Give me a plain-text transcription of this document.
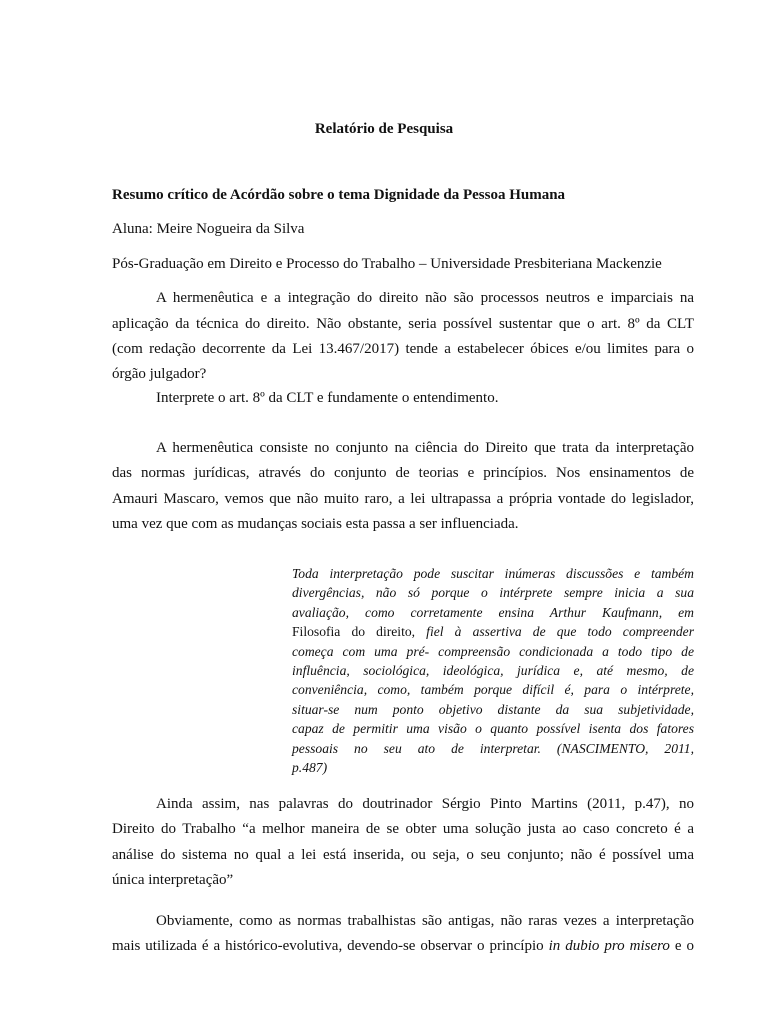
Relatório de Pesquisa
Resumo crítico de Acórdão sobre o tema Dignidade da Pessoa Humana
Aluna: Meire Nogueira da Silva
Pós-Graduação em Direito e Processo do Trabalho – Universidade Presbiteriana Mackenzie
A hermenêutica e a integração do direito não são processos neutros e imparciais na
aplicação da técnica do direito. Não obstante, seria possível sustentar que o art. 8º da CLT
(com redação decorrente da Lei 13.467/2017) tende a estabelecer óbices e/ou limites para o
órgão julgador?
Interprete o art. 8º da CLT e fundamente o entendimento.
A hermenêutica consiste no conjunto na ciência do Direito que trata da interpretação
das normas jurídicas, através do conjunto de teorias e princípios. Nos ensinamentos de
Amauri Mascaro, vemos que não muito raro, a lei ultrapassa a própria vontade do legislador,
uma vez que com as mudanças sociais esta passa a ser influenciada.
Toda interpretação pode suscitar inúmeras discussões e também
divergências, não só porque o intérprete sempre inicia a sua
avaliação, como corretamente ensina Arthur Kaufmann, em
Filosofia do direito, fiel à assertiva de que todo compreender
começa com uma pré- compreensão condicionada a todo tipo de
influência, sociológica, ideológica, jurídica e, até mesmo, de
conveniência, como, também porque difícil é, para o intérprete,
situar-se num ponto objetivo distante da sua subjetividade,
capaz de permitir uma visão o quanto possível isenta dos fatores
pessoais no seu ato de interpretar. (NASCIMENTO, 2011,
p.487)
Ainda assim, nas palavras do doutrinador Sérgio Pinto Martins (2011, p.47), no
Direito do Trabalho “a melhor maneira de se obter uma solução justa ao caso concreto é a
análise do sistema no qual a lei está inserida, ou seja, o seu conjunto; não é possível uma
única interpretação”
Obviamente, como as normas trabalhistas são antigas, não raras vezes a interpretação
mais utilizada é a histórico-evolutiva, devendo-se observar o princípio in dubio pro misero e o
